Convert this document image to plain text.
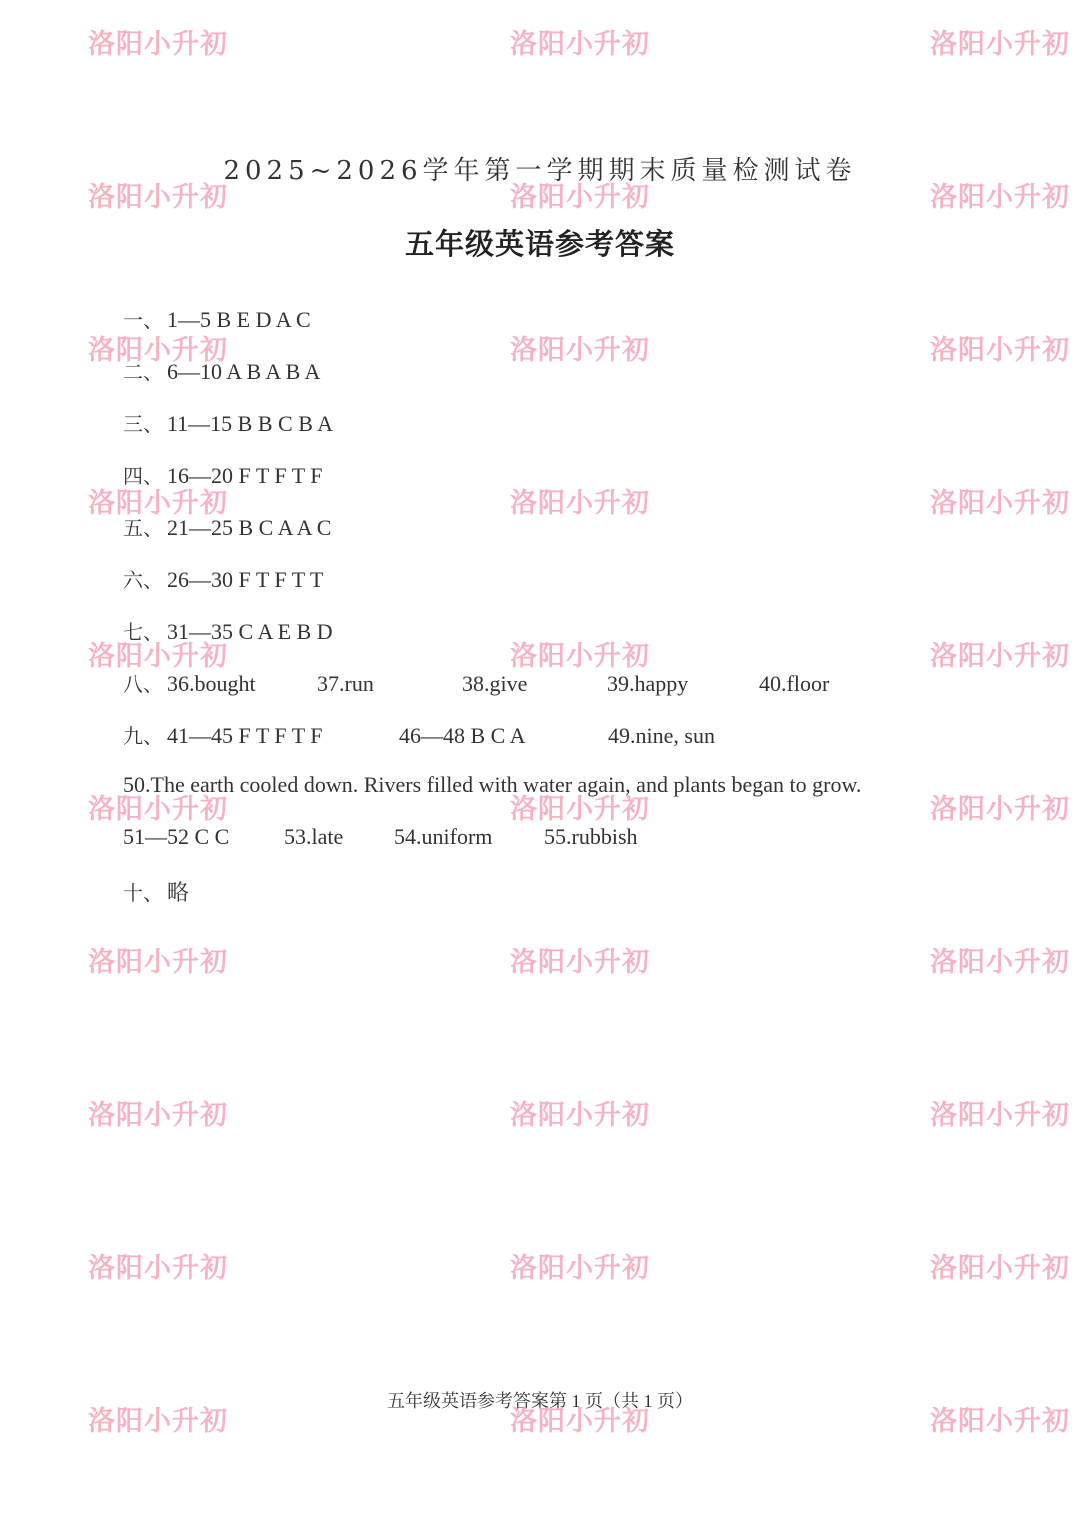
2025~2026学年第一学期期末质量检测试卷
五年级英语参考答案
一、 1—5 B E D A C
二、 6—10 A B A B A
三、 11—15 B B C B A
四、 16—20 F T F T F
五、 21—25 B C A A C
六、 26—30 F T F T T
七、 31—35 C A E B D
八、 36.bought	37.run	38.give	39.happy	40.floor
九、 41—45 F T F T F	46—48 B C A	49.nine, sun
50.The earth cooled down. Rivers filled with water again, and plants began to grow.
51—52 C C 53.late 54.uniform 55.rubbish
十、 略
五年级英语参考答案第 1 页（共 1 页）
洛阳小升初	洛阳小升初	洛阳小升初
洛阳小升初	洛阳小升初	洛阳小升初
洛阳小升初	洛阳小升初	洛阳小升初
洛阳小升初	洛阳小升初	洛阳小升初
洛阳小升初	洛阳小升初	洛阳小升初
洛阳小升初	洛阳小升初	洛阳小升初
洛阳小升初	洛阳小升初	洛阳小升初
洛阳小升初	洛阳小升初	洛阳小升初
洛阳小升初	洛阳小升初	洛阳小升初
洛阳小升初	洛阳小升初	洛阳小升初
